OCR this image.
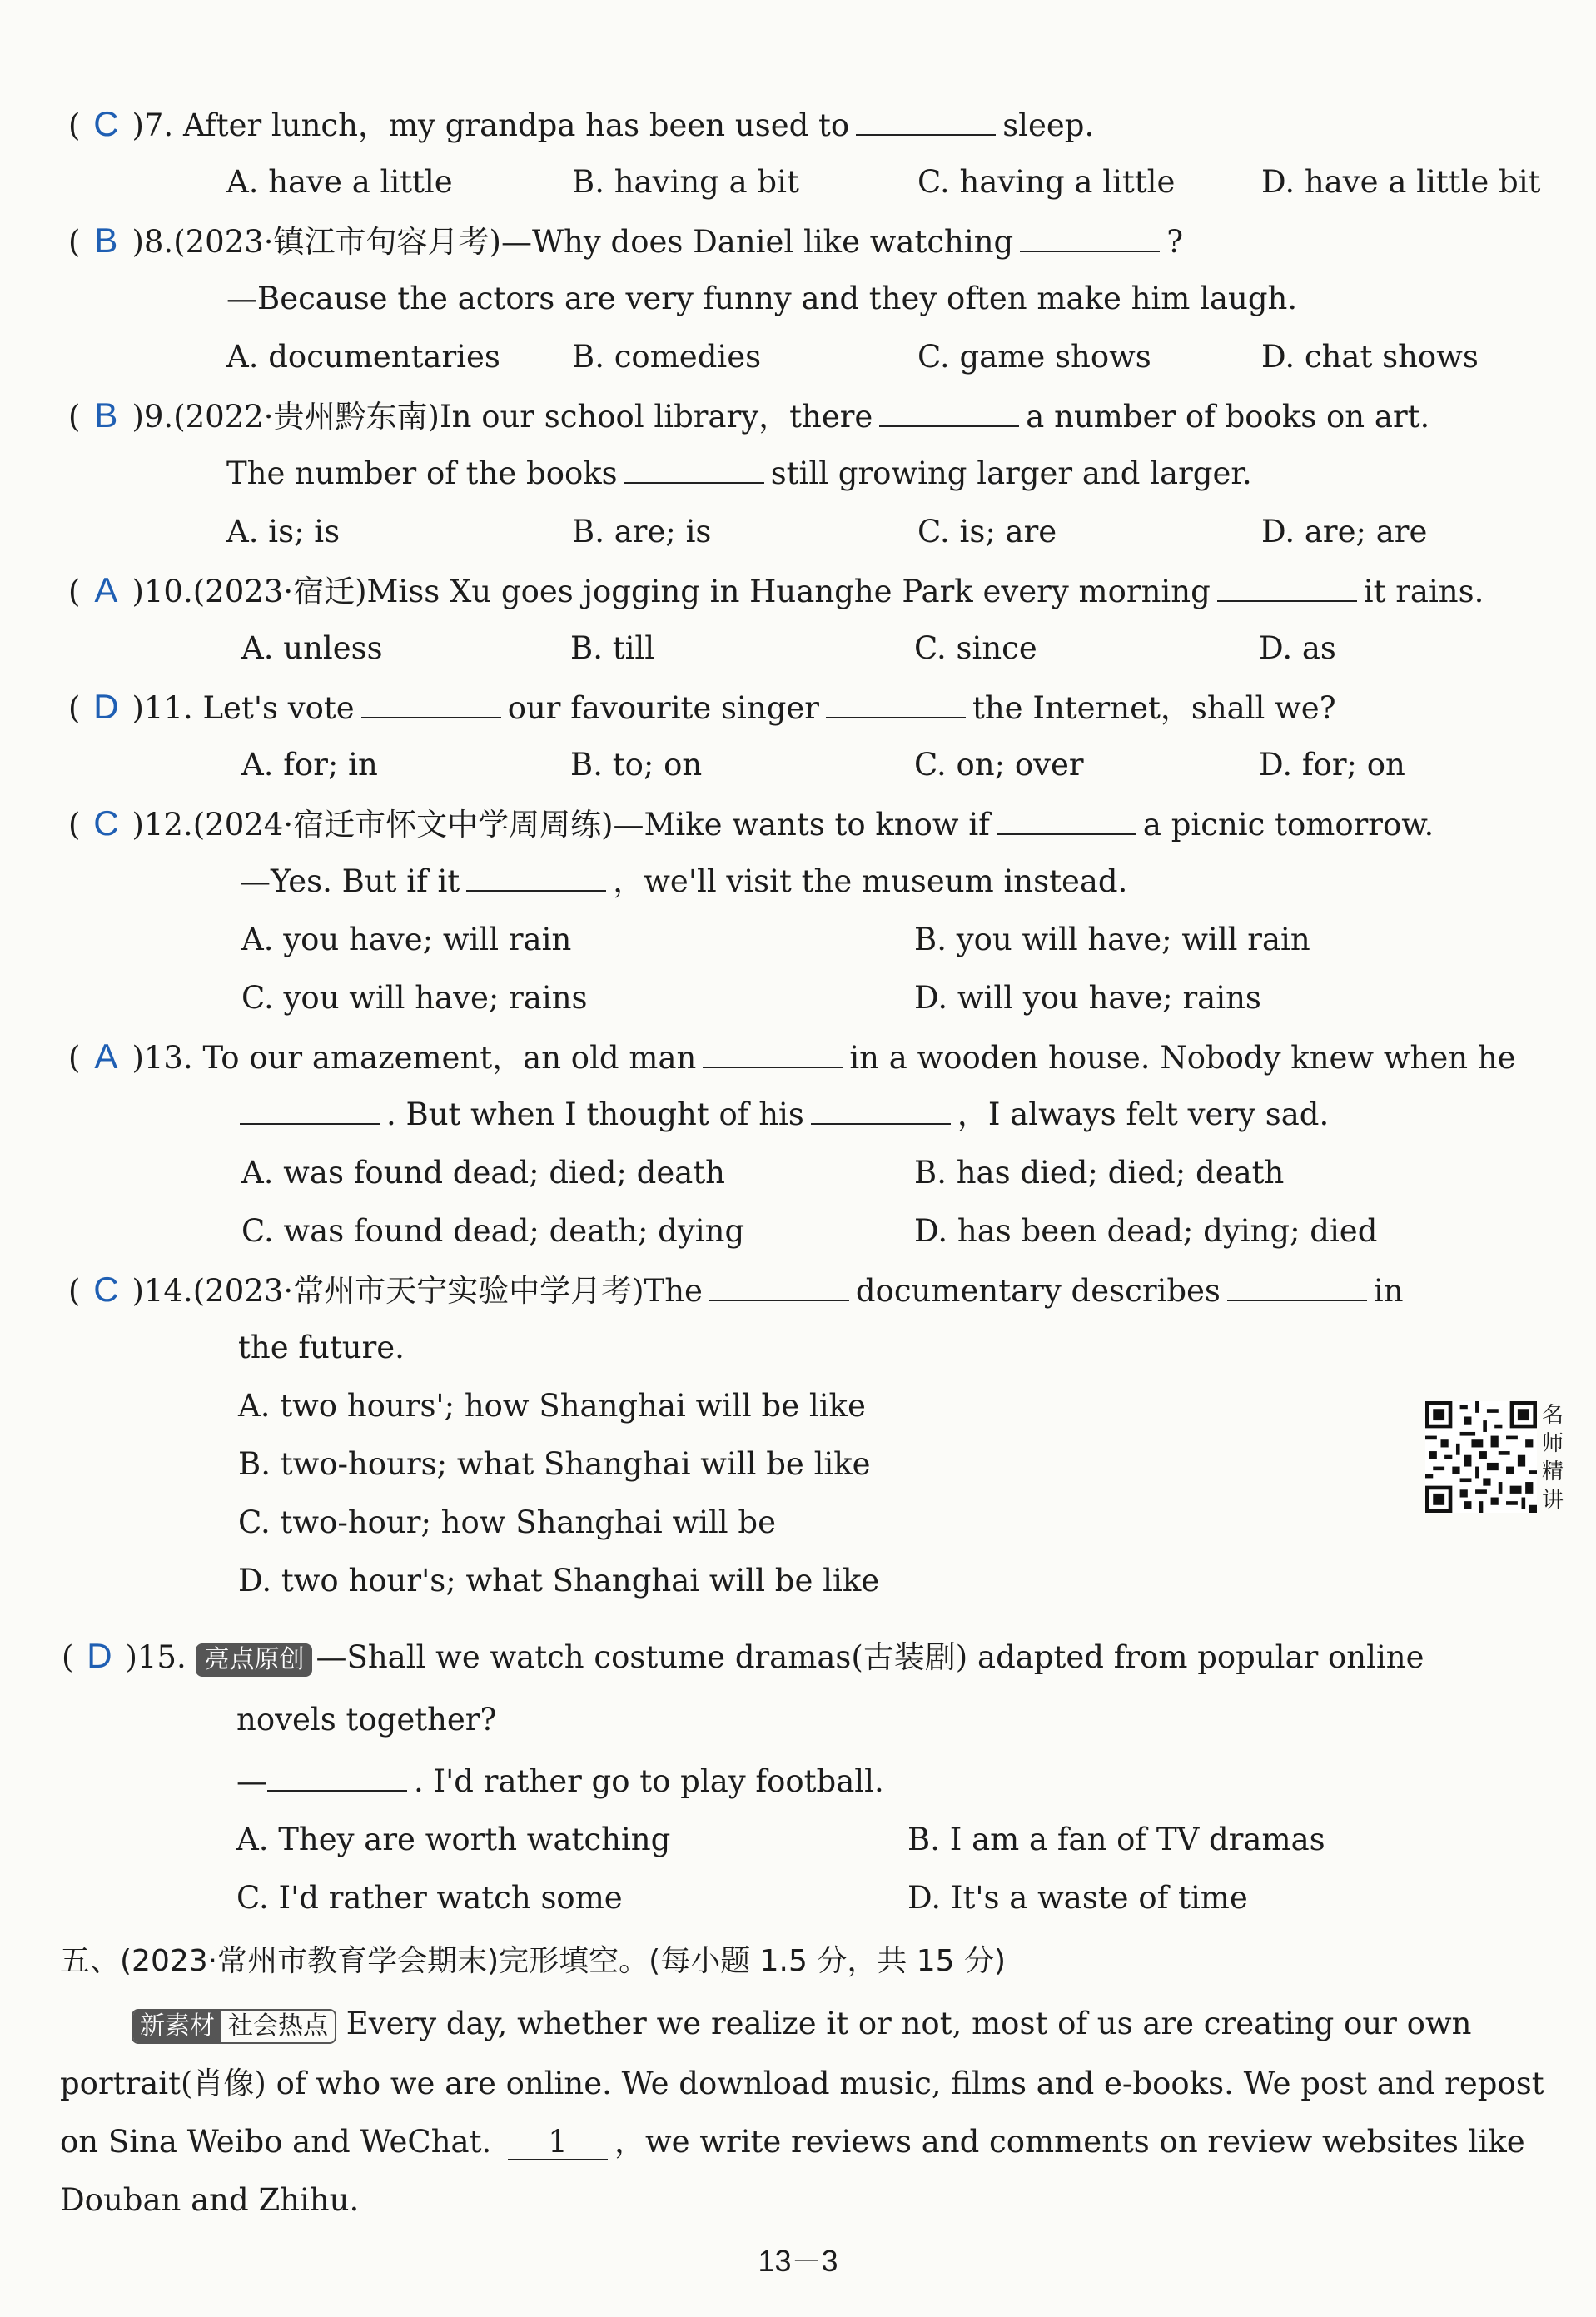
( C )7. After lunch，my grandpa has been used to	sleep.
A. have a little	B. having a bit	C. having a little	D. have a little bit
( B )8.(2023·镇江市句容月考)—Why does Daniel like watching	?
—Because the actors are very funny and they often make him laugh.
A. documentaries B. comedies	C. game shows	D. chat shows
( B )9.(2022·贵州黔东南)In our school library，there	a number of books on art.
The number of the books	still growing larger and larger.
A. is; is	B. are; is	C. is; are	D. are; are
( A )10.(2023·宿迁)Miss Xu goes jogging in Huanghe Park every morning	it rains.
A. unless	B. till	C. since	D. as
( D )11. Let's vote	our favourite singer	the Internet，shall we?
A. for; in	B. to; on	C. on; over	D. for; on
( C )12.(2024·宿迁市怀文中学周周练)—Mike wants to know if	a picnic tomorrow.
—Yes. But if it	，we'll visit the museum instead.
A. you have; will rain	B. you will have; will rain
C. you will have; rains	D. will you have; rains
( A )13. To our amazement，an old man	in a wooden house. Nobody knew when he
. But when I thought of his	，I always felt very sad.
A. was found dead; died; death	B. has died; died; death
C. was found dead; death; dying	D. has been dead; dying; died
( C )14.(2023·常州市天宁实验中学月考)The	documentary describes	in
the future.
A. two hours'; how Shanghai will be like
B. two-hours; what Shanghai will be like
C. two-hour; how Shanghai will be
D. two hour's; what Shanghai will be like
名
师
精
讲
( D )15. 亮点原创 —Shall we watch costume dramas(古装剧) adapted from popular online
novels together?
—	. I'd rather go to play football.
A. They are worth watching	B. I am a fan of TV dramas
C. I'd rather watch some	D. It's a waste of time
五、(2023·常州市教育学会期末)完形填空。(每小题 1.5 分，共 15 分)
新素材 社会热点 Every day, whether we realize it or not, most of us are creating our own
portrait(肖像) of who we are online. We download music, films and e-books. We post and repost
on Sina Weibo and WeChat. 1 ，we write reviews and comments on review websites like
Douban and Zhihu.
13－3
